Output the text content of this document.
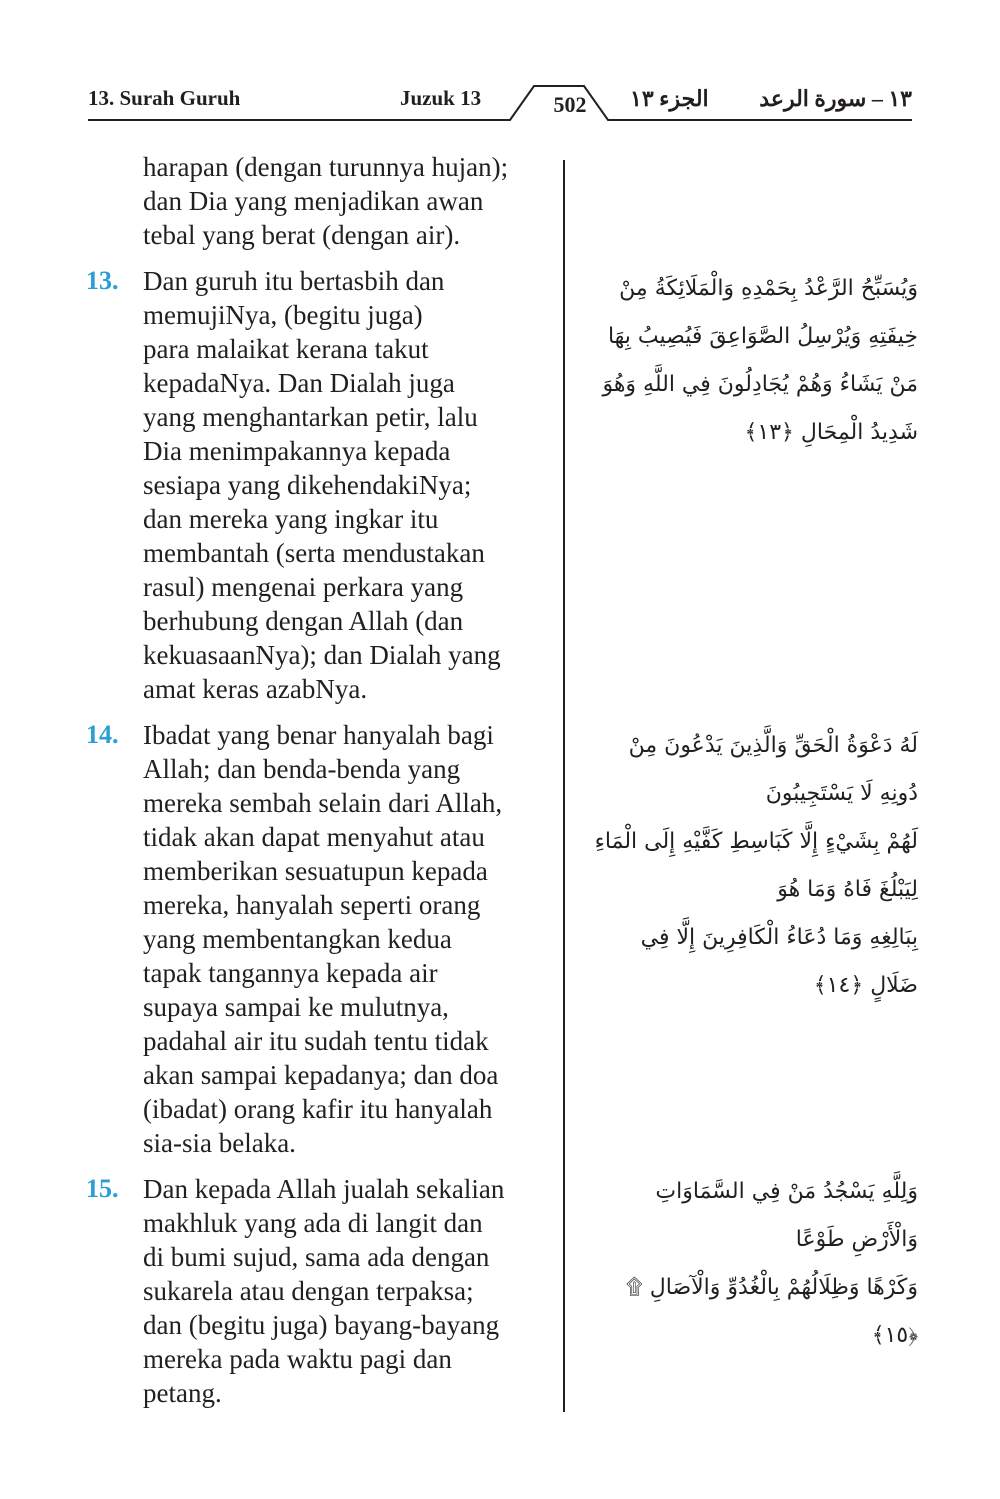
13. Surah Guruh	Juzuk 13	502	الجزء ١٣ ١٣ – سورة الرعد
harapan (dengan turunnya hujan);
dan Dia yang menjadikan awan
tebal yang berat (dengan air).
13. Dan guruh itu bertasbih dan
memujiNya, (begitu juga)
para malaikat kerana takut
kepadaNya. Dan Dialah juga
yang menghantarkan petir, lalu
Dia menimpakannya kepada
sesiapa yang dikehendakiNya;
dan mereka yang ingkar itu
membantah (serta mendustakan
rasul) mengenai perkara yang
berhubung dengan Allah (dan
kekuasaanNya); dan Dialah yang
amat keras azabNya.
14. Ibadat yang benar hanyalah bagi
Allah; dan benda-benda yang
mereka sembah selain dari Allah,
tidak akan dapat menyahut atau
memberikan sesuatupun kepada
mereka, hanyalah seperti orang
yang membentangkan kedua
tapak tangannya kepada air
supaya sampai ke mulutnya,
padahal air itu sudah tentu tidak
akan sampai kepadanya; dan doa
(ibadat) orang kafir itu hanyalah
sia-sia belaka.
15. Dan kepada Allah jualah sekalian
makhluk yang ada di langit dan
di bumi sujud, sama ada dengan
sukarela atau dengan terpaksa;
dan (begitu juga) bayang-bayang
mereka pada waktu pagi dan
petang.
وَيُسَبِّحُ الرَّعْدُ بِحَمْدِهِ وَالْمَلَائِكَةُ مِنْ
خِيفَتِهِ وَيُرْسِلُ الصَّوَاعِقَ فَيُصِيبُ بِهَا
مَنْ يَشَاءُ وَهُمْ يُجَادِلُونَ فِي اللَّهِ وَهُوَ
شَدِيدُ الْمِحَالِ ﴿١٣﴾
لَهُ دَعْوَةُ الْحَقِّ وَالَّذِينَ يَدْعُونَ مِنْ دُونِهِ لَا يَسْتَجِيبُونَ
لَهُمْ بِشَيْءٍ إِلَّا كَبَاسِطِ كَفَّيْهِ إِلَى الْمَاءِ لِيَبْلُغَ فَاهُ وَمَا هُوَ
بِبَالِغِهِ وَمَا دُعَاءُ الْكَافِرِينَ إِلَّا فِي ضَلَالٍ ﴿١٤﴾
وَلِلَّهِ يَسْجُدُ مَنْ فِي السَّمَاوَاتِ وَالْأَرْضِ طَوْعًا
وَكَرْهًا وَظِلَالُهُمْ بِالْغُدُوِّ وَالْآصَالِ ۩ ﴿١٥﴾
